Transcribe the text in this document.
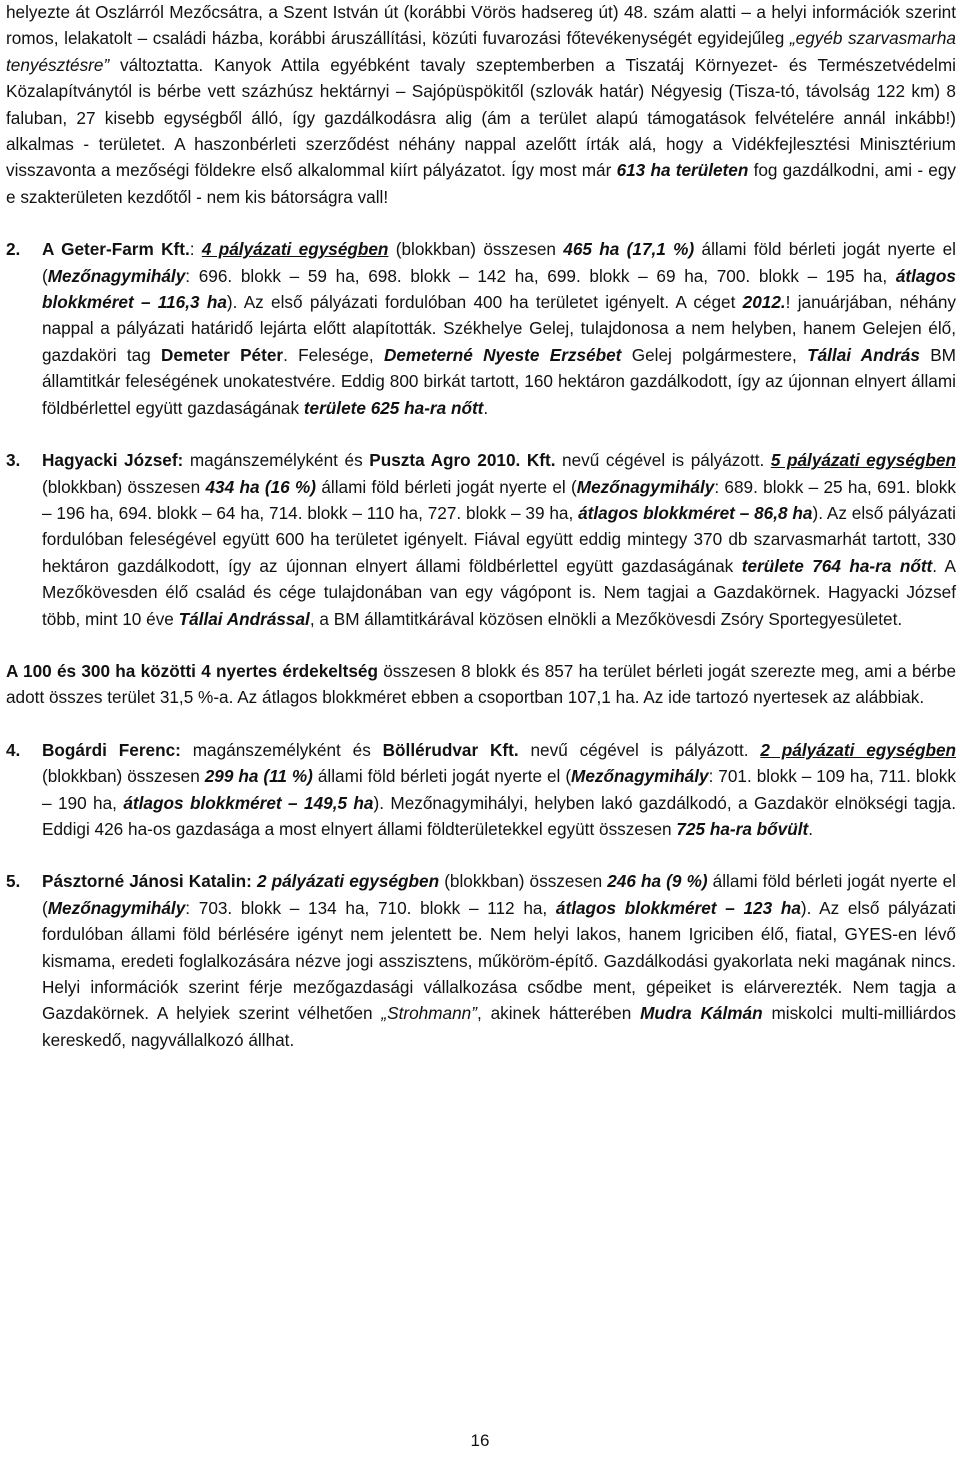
helyezte át Oszlárról Mezőcsátra, a Szent István út (korábbi Vörös hadsereg út) 48. szám alatti – a helyi információk szerint romos, lelakatolt – családi házba, korábbi áruszállítási, közúti fuvarozási főtevékenységét egyidejűleg „egyéb szarvasmarha tenyésztésre” változtatta. Kanyok Attila egyébként tavaly szeptemberben a Tiszatáj Környezet- és Természetvédelmi Közalapítványtól is bérbe vett százhúsz hektárnyi – Sajópüspökitől (szlovák határ) Négyesig (Tisza-tó, távolság 122 km) 8 faluban, 27 kisebb egységből álló, így gazdálkodásra alig (ám a terület alapú támogatások felvételére annál inkább!) alkalmas - területet. A haszonbérleti szerződést néhány nappal azelőtt írták alá, hogy a Vidékfejlesztési Minisztérium visszavonta a mezőségi földekre első alkalommal kiírt pályázatot. Így most már 613 ha területen fog gazdálkodni, ami - egy e szakterületen kezdőtől - nem kis bátorságra vall!

2.	A Geter-Farm Kft.: 4 pályázati egységben (blokkban) összesen 465 ha (17,1 %) állami föld bérleti jogát nyerte el (Mezőnagymihály: 696. blokk – 59 ha, 698. blokk – 142 ha, 699. blokk – 69 ha, 700. blokk – 195 ha, átlagos blokkméret – 116,3 ha). Az első pályázati fordulóban 400 ha területet igényelt. A céget 2012.! januárjában, néhány nappal a pályázati határidő lejárta előtt alapították. Székhelye Gelej, tulajdonosa a nem helyben, hanem Gelejen élő, gazdaköri tag Demeter Péter. Felesége, Demeterné Nyeste Erzsébet Gelej polgármestere, Tállai András BM államtitkár feleségének unokatestvére. Eddig 800 birkát tartott, 160 hektáron gazdálkodott, így az újonnan elnyert állami földbérlettel együtt gazdaságának területe 625 ha-ra nőtt.
3.	Hagyacki József: magánszemélyként és Puszta Agro 2010. Kft. nevű cégével is pályázott. 5 pályázati egységben (blokkban) összesen 434 ha (16 %) állami föld bérleti jogát nyerte el (Mezőnagymihály: 689. blokk – 25 ha, 691. blokk – 196 ha, 694. blokk – 64 ha, 714. blokk – 110 ha, 727. blokk – 39 ha, átlagos blokkméret – 86,8 ha). Az első pályázati fordulóban feleségével együtt 600 ha területet igényelt. Fiával együtt eddig mintegy 370 db szarvasmarhát tartott, 330 hektáron gazdálkodott, így az újonnan elnyert állami földbérlettel együtt gazdaságának területe 764 ha-ra nőtt. A Mezőkövesden élő család és cége tulajdonában van egy vágópont is. Nem tagjai a Gazdakörnek. Hagyacki József több, mint 10 éve Tállai Andrással, a BM államtitkárával közösen elnökli a Mezőkövesdi Zsóry Sportegyesületet.

A 100 és 300 ha közötti 4 nyertes érdekeltség összesen 8 blokk és 857 ha terület bérleti jogát szerezte meg, ami a bérbe adott összes terület 31,5 %-a. Az átlagos blokkméret ebben a csoportban 107,1 ha. Az ide tartozó nyertesek az alábbiak.

4.	Bogárdi Ferenc: magánszemélyként és Böllérudvar Kft. nevű cégével is pályázott. 2 pályázati egységben (blokkban) összesen 299 ha (11 %) állami föld bérleti jogát nyerte el (Mezőnagymihály: 701. blokk – 109 ha, 711. blokk – 190 ha, átlagos blokkméret – 149,5 ha). Mezőnagymihályi, helyben lakó gazdálkodó, a Gazdakör elnökségi tagja. Eddigi 426 ha-os gazdasága a most elnyert állami földterületekkel együtt összesen 725 ha-ra bővült.
5.	Pásztorné Jánosi Katalin: 2 pályázati egységben (blokkban) összesen 246 ha (9 %) állami föld bérleti jogát nyerte el (Mezőnagymihály: 703. blokk – 134 ha, 710. blokk – 112 ha, átlagos blokkméret – 123 ha). Az első pályázati fordulóban állami föld bérlésére igényt nem jelentett be. Nem helyi lakos, hanem Igriciben élő, fiatal, GYES-en lévő kismama, eredeti foglalkozására nézve jogi asszisztens, műköröm-építő. Gazdálkodási gyakorlata neki magának nincs. Helyi információk szerint férje mezőgazdasági vállalkozása csődbe ment, gépeiket is elárverezték. Nem tagja a Gazdakörnek. A helyiek szerint vélhetően „Strohmann”, akinek hátterében Mudra Kálmán miskolci multi-milliárdos kereskedő, nagyvállalkozó állhat.
16
